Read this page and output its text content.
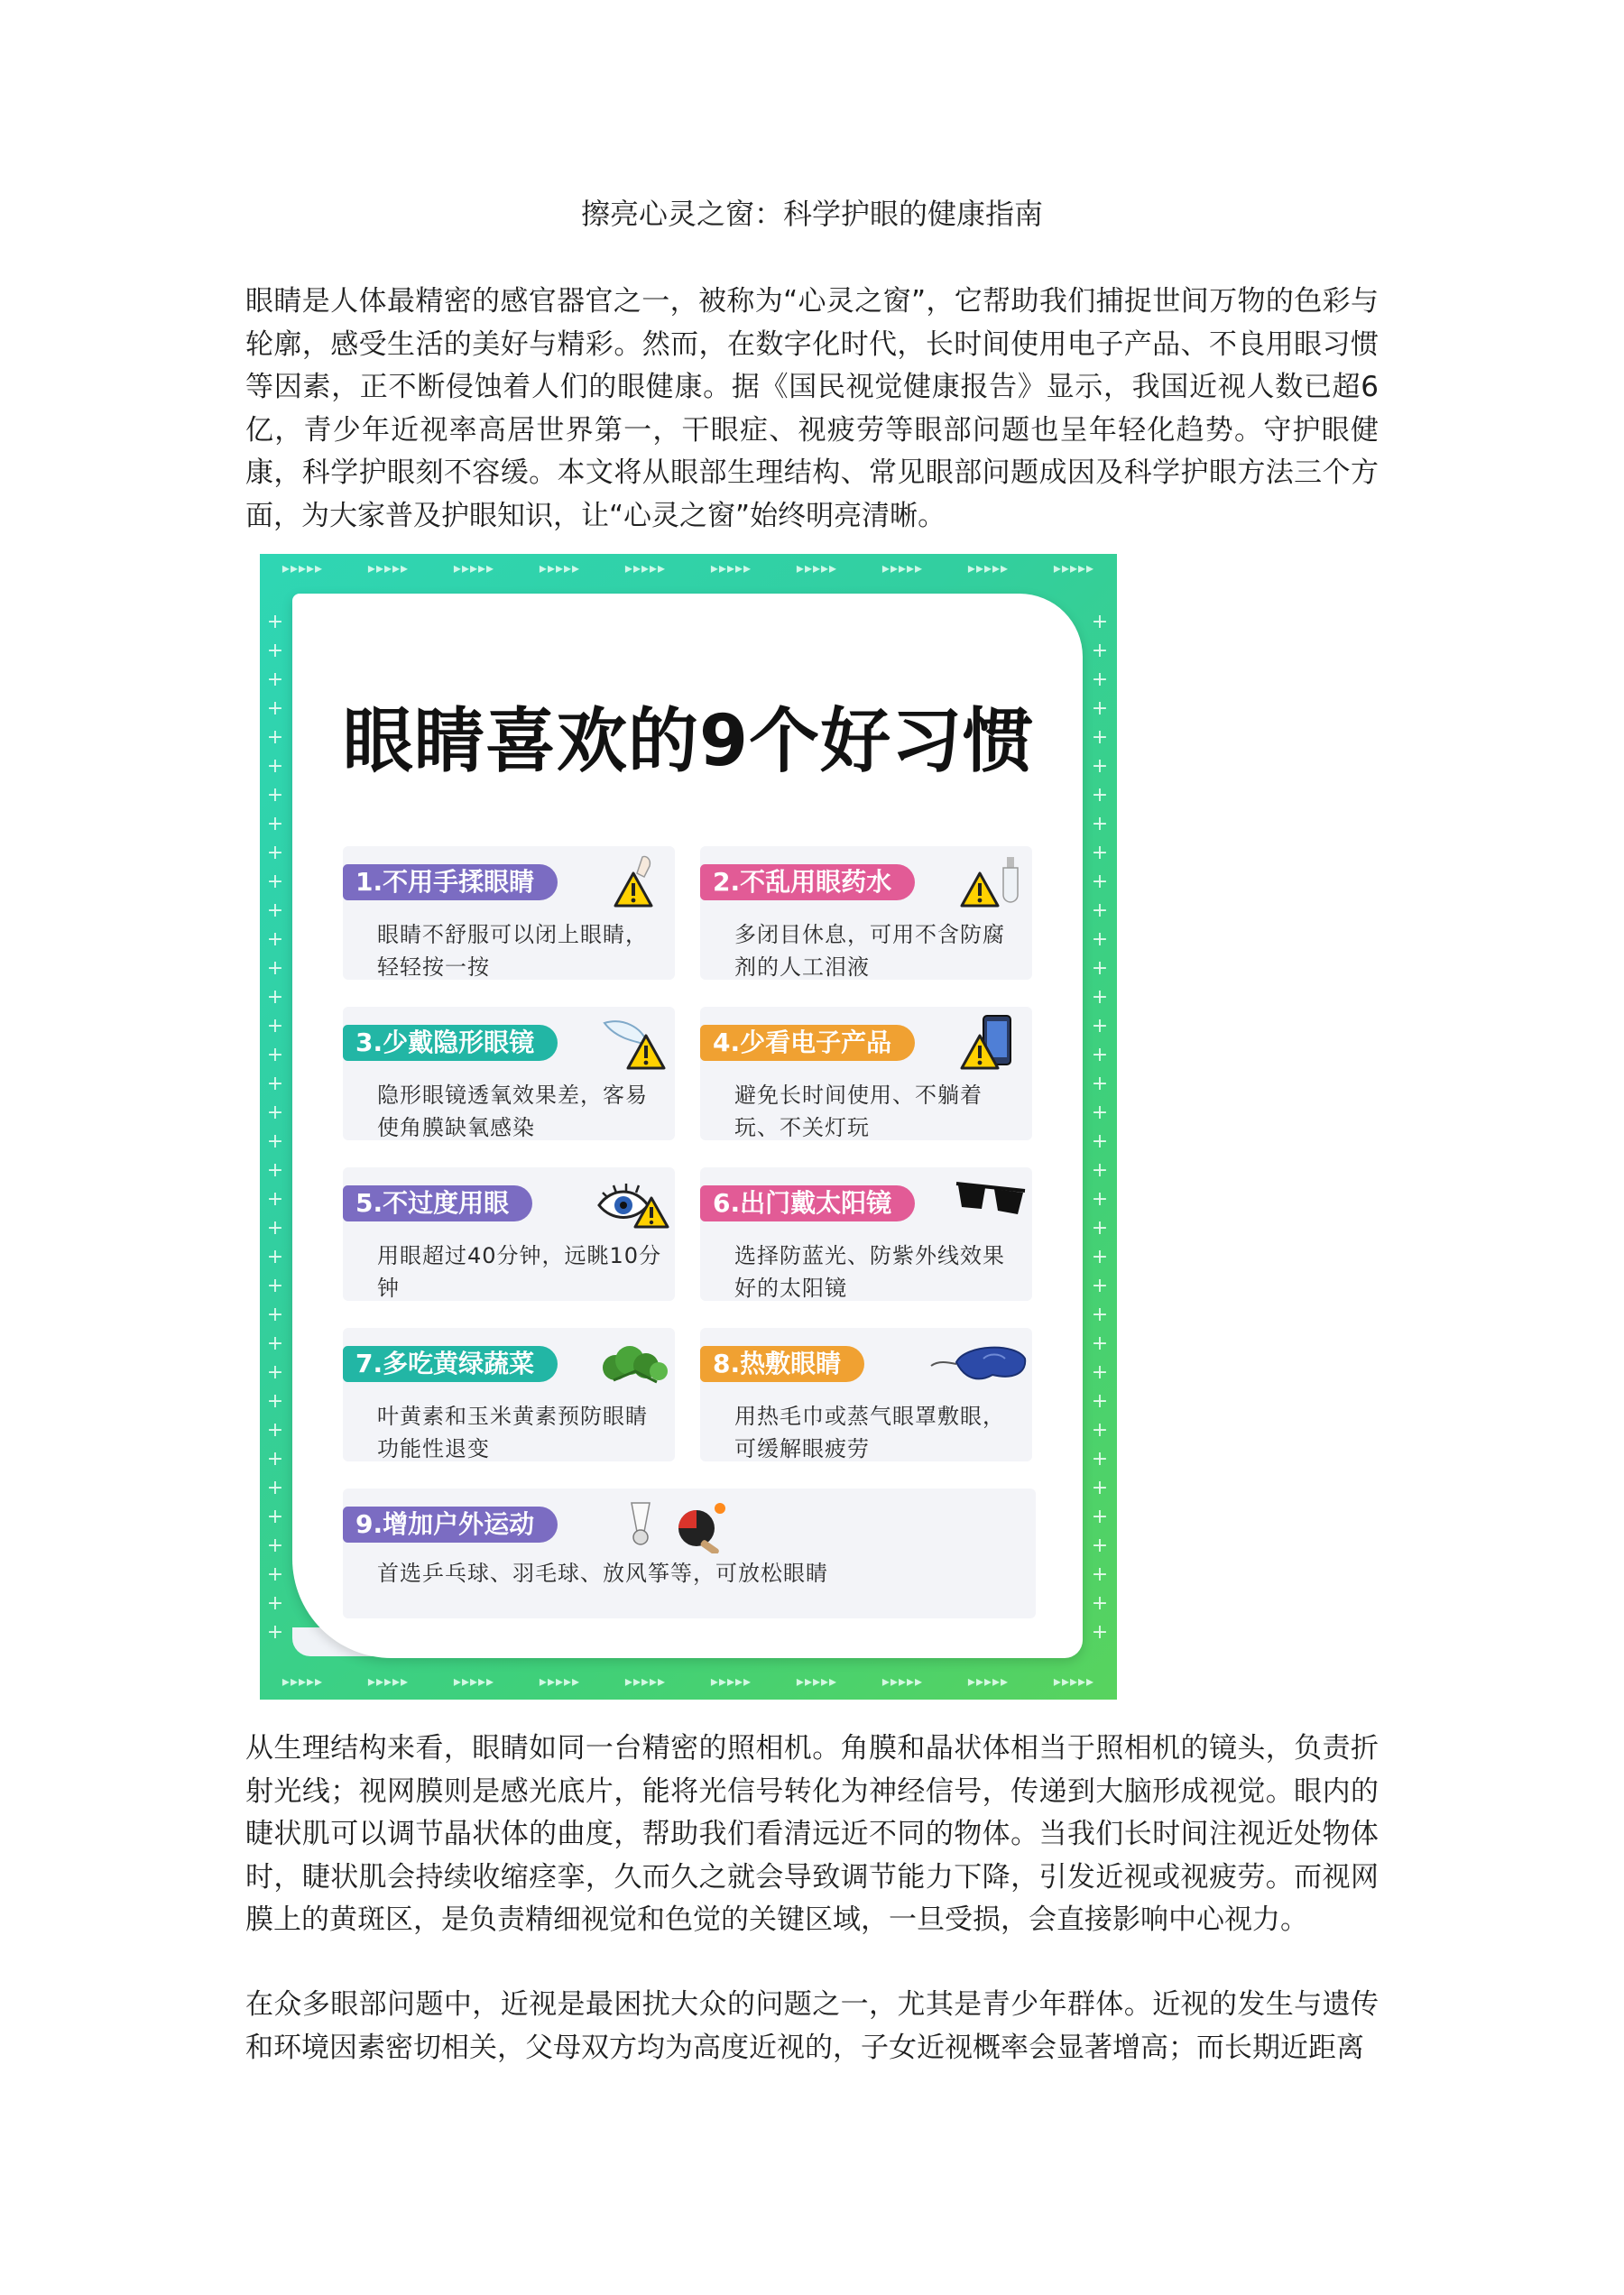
擦亮心灵之窗：科学护眼的健康指南

眼睛是人体最精密的感官器官之一，被称为“心灵之窗”，它帮助我们捕捉世间万物的色彩与轮廓，感受生活的美好与精彩。然而，在数字化时代，长时间使用电子产品、不良用眼习惯等因素，正不断侵蚀着人们的眼健康。据《国民视觉健康报告》显示，我国近视人数已超6亿，青少年近视率高居世界第一，干眼症、视疲劳等眼部问题也呈年轻化趋势。守护眼健康，科学护眼刻不容缓。本文将从眼部生理结构、常见眼部问题成因及科学护眼方法三个方面，为大家普及护眼知识，让“心灵之窗”始终明亮清晰。

▸▸▸▸▸	▸▸▸▸▸	▸▸▸▸▸	▸▸▸▸▸	▸▸▸▸▸	▸▸▸▸▸	▸▸▸▸▸	▸▸▸▸▸	▸▸▸▸▸	▸▸▸▸▸
▸▸▸▸▸	▸▸▸▸▸	▸▸▸▸▸	▸▸▸▸▸	▸▸▸▸▸	▸▸▸▸▸	▸▸▸▸▸	▸▸▸▸▸	▸▸▸▸▸	▸▸▸▸▸
+
+
+
+
+
+
+
+
+
+
+
+
+
+
+
+
+
+
+
+
+
+
+
+
+
+
+
+
+
+
+
+
+
+
+
+
+
+
+
+
+
+
+
+
+
+
+
+
+
+
+
+
+
+
+
+
+
+
+
+
+
+
+
+
+
+
+
+
+
+
+
+
眼睛喜欢的9个好习惯
1.不用手揉眼睛
眼睛不舒服可以闭上眼睛，轻轻按一按
2.不乱用眼药水
多闭目休息，可用不含防腐剂的人工泪液
3.少戴隐形眼镜
隐形眼镜透氧效果差，客易使角膜缺氧感染
4.少看电子产品
避免长时间使用、不躺着玩、不关灯玩
5.不过度用眼
用眼超过40分钟，远眺10分钟
6.出门戴太阳镜
选择防蓝光、防紫外线效果好的太阳镜
7.多吃黄绿蔬菜
叶黄素和玉米黄素预防眼睛功能性退变
8.热敷眼睛
用热毛巾或蒸气眼罩敷眼，可缓解眼疲劳
9.增加户外运动
首选乒乓球、羽毛球、放风筝等，可放松眼睛

从生理结构来看，眼睛如同一台精密的照相机。角膜和晶状体相当于照相机的镜头，负责折射光线；视网膜则是感光底片，能将光信号转化为神经信号，传递到大脑形成视觉。眼内的睫状肌可以调节晶状体的曲度，帮助我们看清远近不同的物体。当我们长时间注视近处物体时，睫状肌会持续收缩痉挛，久而久之就会导致调节能力下降，引发近视或视疲劳。而视网膜上的黄斑区，是负责精细视觉和色觉的关键区域，一旦受损，会直接影响中心视力。

在众多眼部问题中，近视是最困扰大众的问题之一，尤其是青少年群体。近视的发生与遗传和环境因素密切相关，父母双方均为高度近视的，子女近视概率会显著增高；而长期近距离
